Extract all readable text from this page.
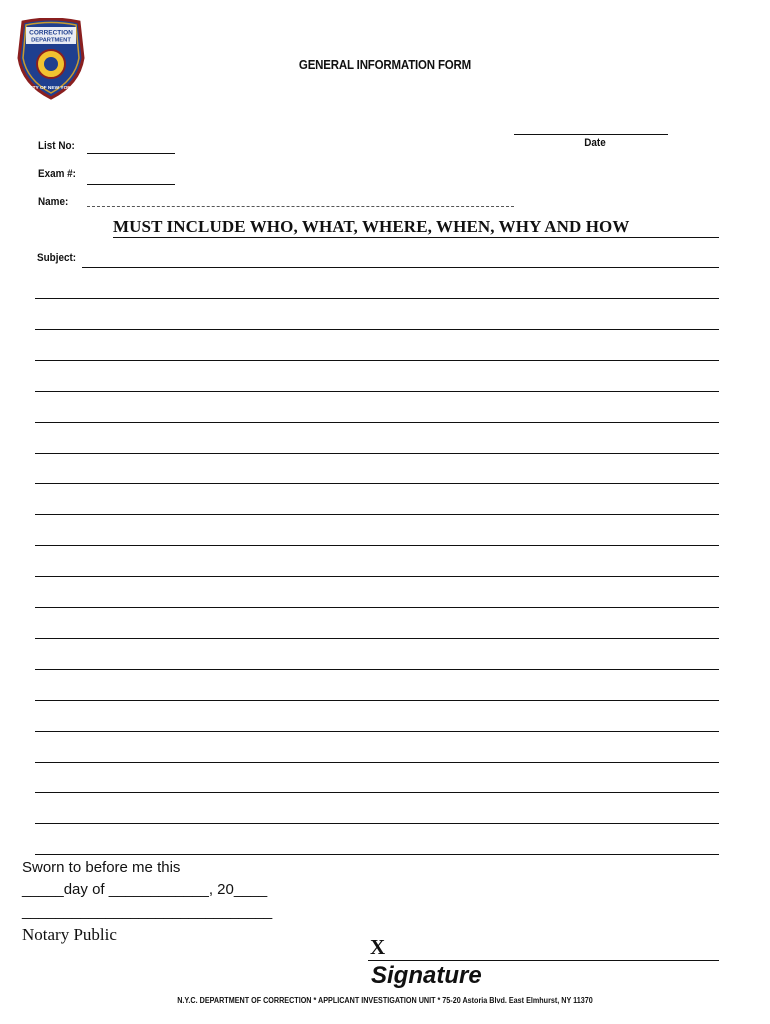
CORRECTION
DEPARTMENT
CITY OF NEW YORK
GENERAL INFORMATION FORM
Date
List No:
Exam #:
Name:
MUST INCLUDE WHO, WHAT, WHERE, WHEN, WHY AND HOW
Subject:
Sworn to before me this
_____day of ____________, 20____
______________________________
Notary Public
X
Signature
N.Y.C. DEPARTMENT OF CORRECTION * APPLICANT INVESTIGATION UNIT * 75-20 Astoria Blvd. East Elmhurst, NY 11370
